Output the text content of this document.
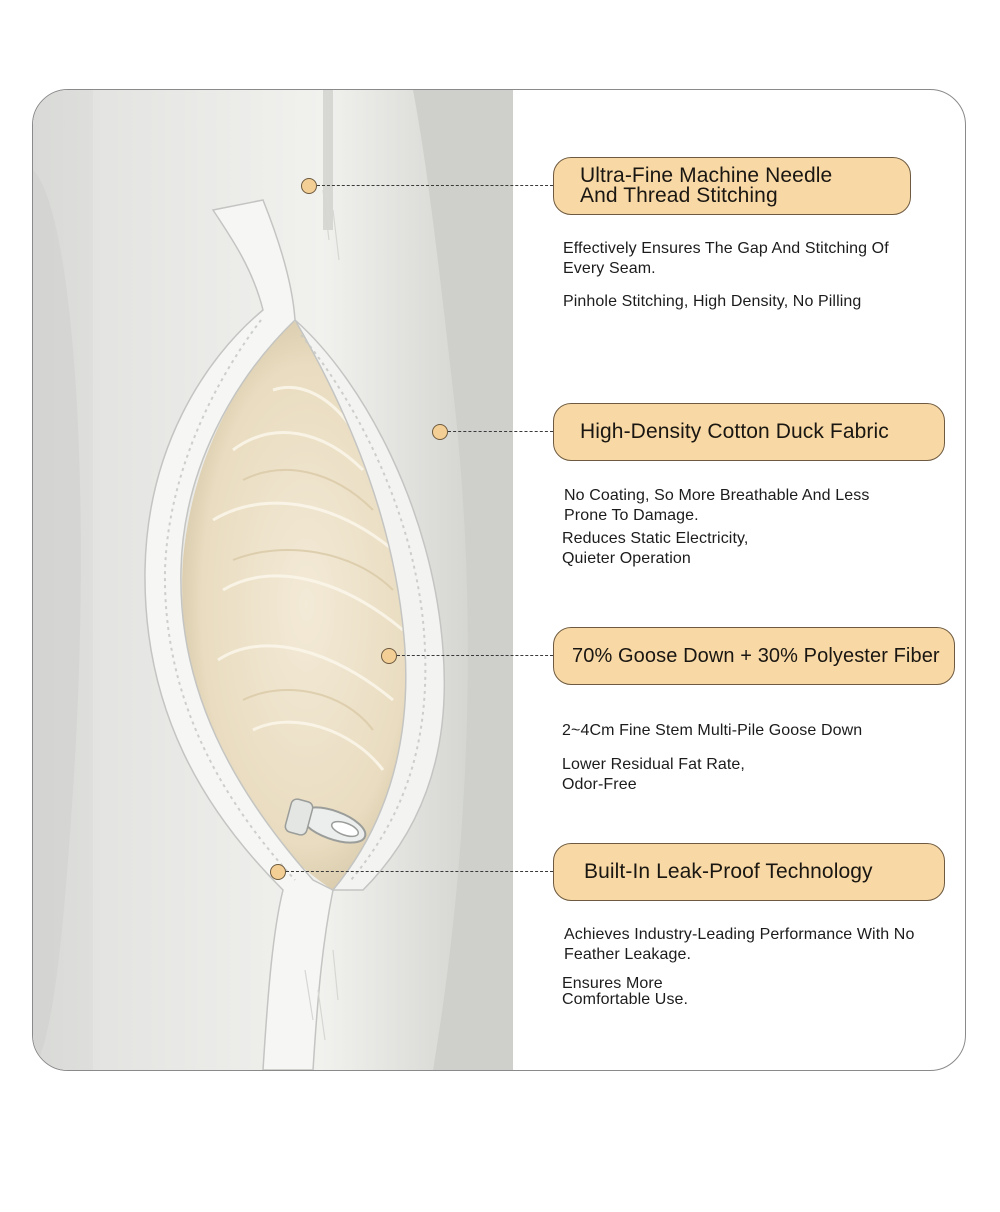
Ultra-Fine Machine Needle
And Thread Stitching
Effectively Ensures The Gap And Stitching Of
Every Seam.
Pinhole Stitching, High Density, No Pilling
High-Density Cotton Duck Fabric
No Coating, So More Breathable And Less
Prone To Damage.
Reduces Static Electricity,
Quieter Operation
70% Goose Down + 30% Polyester Fiber
2~4Cm Fine Stem Multi-Pile Goose Down
Lower Residual Fat Rate,
Odor-Free
Built-In Leak-Proof Technology
Achieves Industry-Leading Performance With No
Feather Leakage.
Ensures More
Comfortable Use.
